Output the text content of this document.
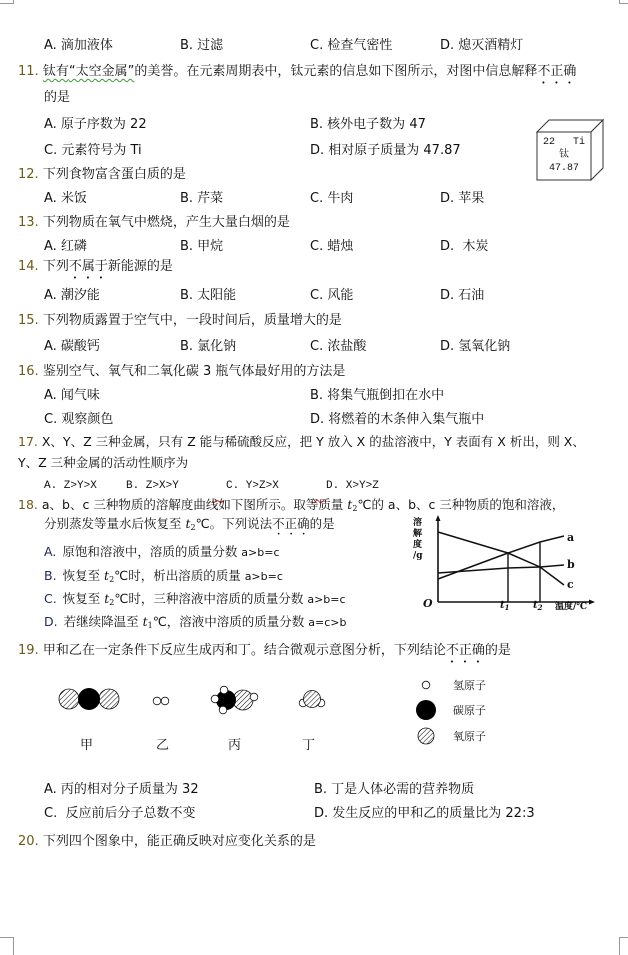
A. 滴加液体	B. 过滤	C. 检查气密性	D. 熄灭酒精灯
11. 钛有“太空金属”的美誉。在元素周期表中，钛元素的信息如下图所示，对图中信息解释不正确
的是
A. 原子序数为 22	B. 核外电子数为 47
C. 元素符号为 Ti	D. 相对原子质量为 47.87
22 Ti
钛
47.87
12. 下列食物富含蛋白质的是
A. 米饭	B. 芹菜	C. 牛肉	D. 苹果
13. 下列物质在氧气中燃烧，产生大量白烟的是
A. 红磷	B. 甲烷	C. 蜡烛	D.  木炭
14. 下列不属于新能源的是
A. 潮汐能	B. 太阳能	C. 风能	D. 石油
15. 下列物质露置于空气中，一段时间后，质量增大的是
A. 碳酸钙	B. 氯化钠	C. 浓盐酸	D. 氢氧化钠
16. 鉴别空气、氧气和二氧化碳 3 瓶气体最好用的方法是
A. 闻气味	B. 将集气瓶倒扣在水中
C. 观察颜色	D. 将燃着的木条伸入集气瓶中
17. X、Y、Z 三种金属，只有 Z 能与稀硫酸反应，把 Y 放入 X 的盐溶液中，Y 表面有 X 析出，则 X、
Y、Z 三种金属的活动性顺序为
A. Z>Y>X	B. Z>X>Y	C. Y>Z>X	D. X>Y>Z

18. a、b、c 三种物质的溶解度曲线如下图所示。取等质量 $t_2℃$的 a、b、c 三种物质的饱和溶液，
分别蒸发等量水后恢复至 $t_2℃$。下列说法不正确的是
A. 原饱和溶液中，溶质的质量分数 a>b=c
B. 恢复至 $t_2℃$时，析出溶质的质量 a>b=c
C. 恢复至 $t_2℃$时，三种溶液中溶质的质量分数 a>b=c
D. 若继续降温至 $t_1℃$，溶液中溶质的质量分数 a=c>b
溶
解
度
/g
O	$t_1$ $t_2$ 温度/℃
a
b
c
19. 甲和乙在一定条件下反应生成丙和丁。结合微观示意图分析，下列结论不正确的是
氢原子
碳原子
氧原子
甲	乙	丙	丁
A. 丙的相对分子质量为 32	B. 丁是人体必需的营养物质
C.  反应前后分子总数不变	D. 发生反应的甲和乙的质量比为 22:3
20. 下列四个图象中，能正确反映对应变化关系的是
